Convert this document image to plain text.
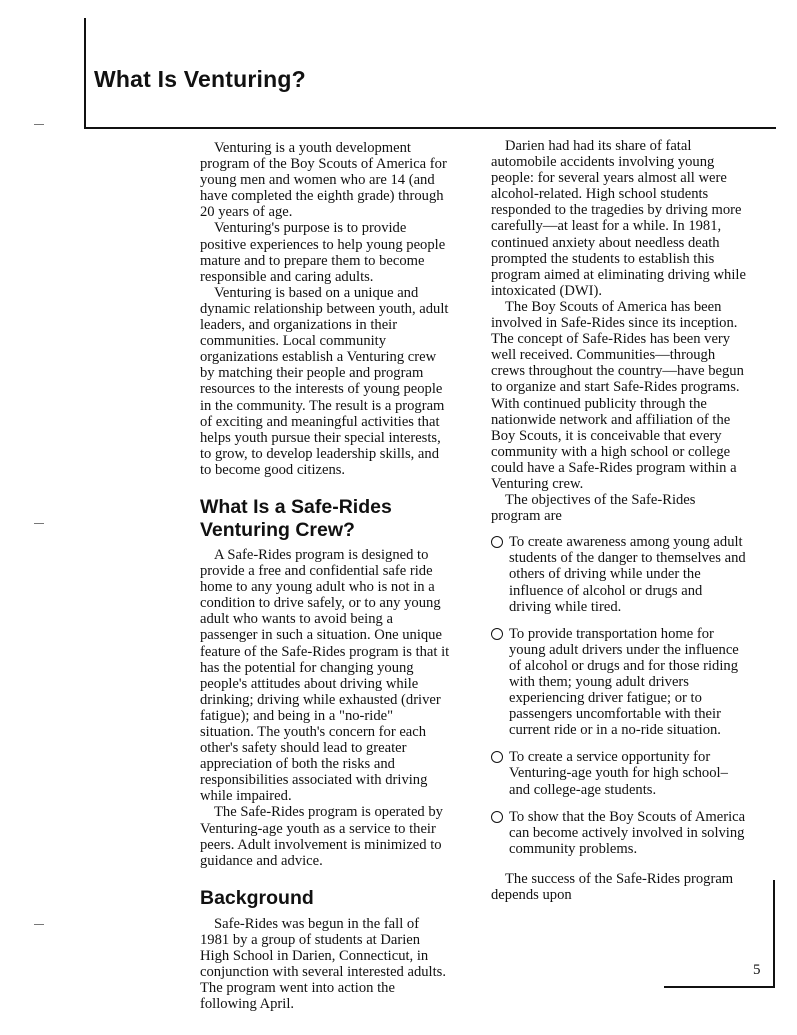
What Is Venturing?

Venturing is a youth development program of the Boy Scouts of America for young men and women who are 14 (and have completed the eighth grade) through 20 years of age.

Venturing's purpose is to provide positive experiences to help young people mature and to prepare them to become responsible and caring adults.

Venturing is based on a unique and dynamic relationship between youth, adult leaders, and organizations in their communities. Local community organizations establish a Venturing crew by matching their people and program resources to the interests of young people in the community. The result is a program of exciting and meaningful activities that helps youth pursue their special interests, to grow, to develop leadership skills, and to become good citizens.

What Is a Safe-Rides Venturing Crew?

A Safe-Rides program is designed to provide a free and confidential safe ride home to any young adult who is not in a condition to drive safely, or to any young adult who wants to avoid being a passenger in such a situation. One unique feature of the Safe-Rides program is that it has the potential for changing young people's attitudes about driving while drinking; driving while exhausted (driver fatigue); and being in a "no-ride" situation. The youth's concern for each other's safety should lead to greater appreciation of both the risks and responsibilities associated with driving while impaired.

The Safe-Rides program is operated by Venturing-age youth as a service to their peers. Adult involvement is minimized to guidance and advice.

Background

Safe-Rides was begun in the fall of 1981 by a group of students at Darien High School in Darien, Connecticut, in conjunction with several interested adults. The program went into action the following April.

Darien had had its share of fatal automobile accidents involving young people: for several years almost all were alcohol-related. High school students responded to the tragedies by driving more carefully—at least for a while. In 1981, continued anxiety about needless death prompted the students to establish this program aimed at eliminating driving while intoxicated (DWI).

The Boy Scouts of America has been involved in Safe-Rides since its inception. The concept of Safe-Rides has been very well received. Communities—through crews throughout the country—have begun to organize and start Safe-Rides programs. With continued publicity through the nationwide network and affiliation of the Boy Scouts, it is conceivable that every community with a high school or college could have a Safe-Rides program within a Venturing crew.

The objectives of the Safe-Rides program are

To create awareness among young adult students of the danger to themselves and others of driving while under the influence of alcohol or drugs and driving while tired.
To provide transportation home for young adult drivers under the influence of alcohol or drugs and for those riding with them; young adult drivers experiencing driver fatigue; or to passengers uncomfortable with their current ride or in a no-ride situation.
To create a service opportunity for Venturing-age youth for high school–and college-age students.
To show that the Boy Scouts of America can become actively involved in solving community problems.

The success of the Safe-Rides program depends upon

5
